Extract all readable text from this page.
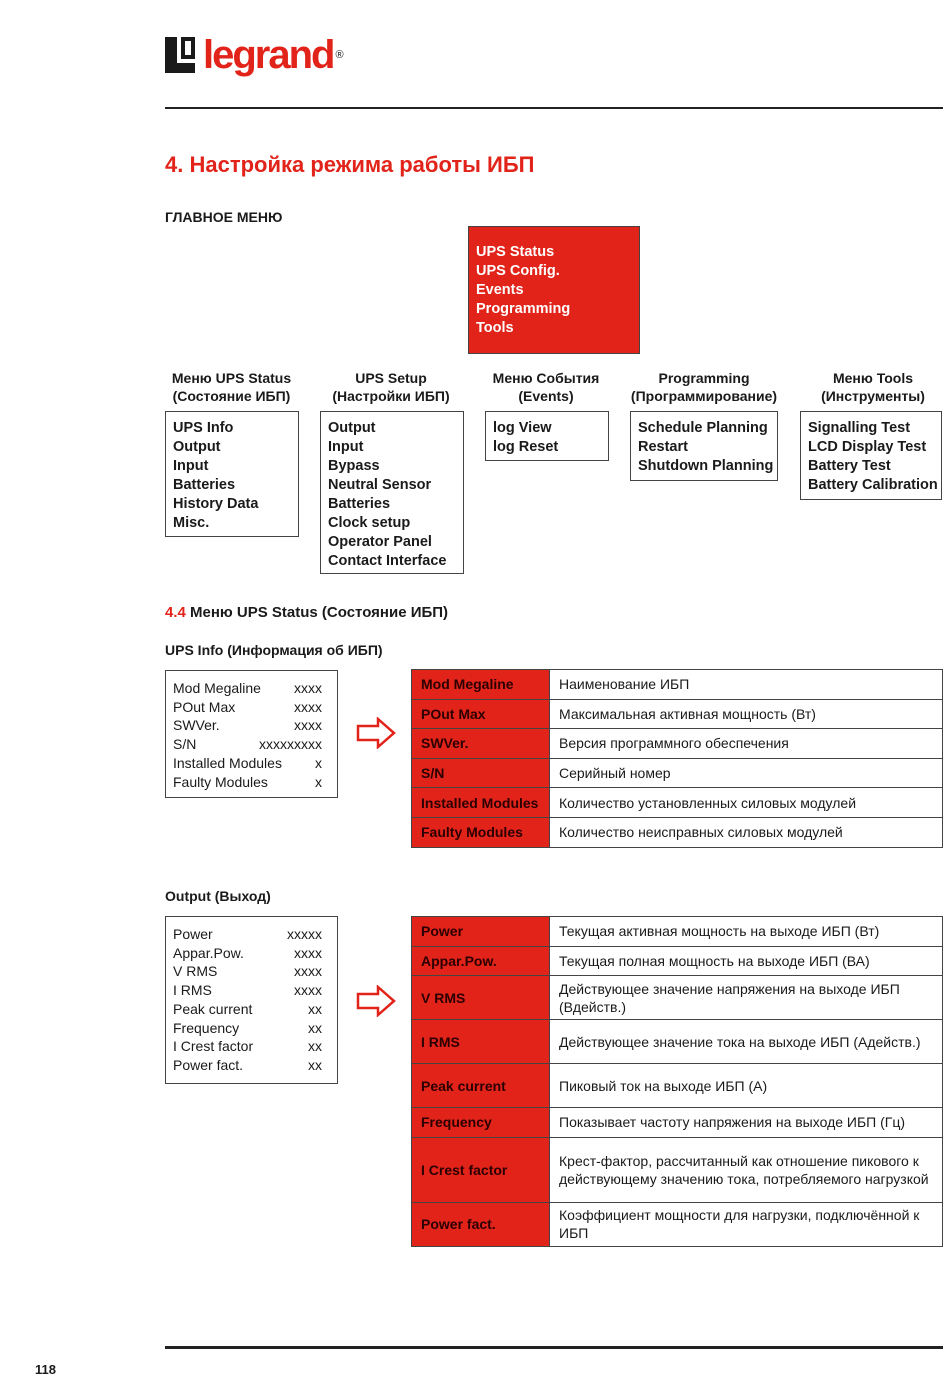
legrand ®
4. Настройка режима работы ИБП
ГЛАВНОЕ МЕНЮ
UPS Status
UPS Config.
Events
Programming
Tools
Меню UPS Status
(Состояние ИБП)
UPS Info
Output
Input
Batteries
History Data
Misc.
UPS Setup
(Настройки ИБП)
Output
Input
Bypass
Neutral Sensor
Batteries
Clock setup
Operator Panel
Contact Interface
Меню События
(Events)
log View
log Reset
Programming
(Программирование)
Schedule Planning
Restart
Shutdown Planning
Меню Tools
(Инструменты)
Signalling Test
LCD Display Test
Battery Test
Battery Calibration
4.4 Меню UPS Status (Состояние ИБП)
UPS Info (Информация об ИБП)
Mod Megaline xxxx
POut Max	xxxx
SWVer.	xxxx
S/N	xxxxxxxxx
Installed Modules x
Faulty Modules	x
Mod Megaline	Наименование ИБП
POut Max	Максимальная активная мощность (Вт)
SWVer.	Версия программного обеспечения
S/N	Серийный номер
Installed Modules	Количество установленных силовых модулей
Faulty Modules	Количество неисправных силовых модулей
Output (Выход)
Power	xxxxx
Appar.Pow.	xxxx
V RMS	xxxx
I RMS	xxxx
Peak current	xx
Frequency	xx
I Crest factor	xx
Power fact.	xx
Power	Текущая активная мощность на выходе ИБП (Вт)
Appar.Pow.	Текущая полная мощность на выходе ИБП (ВА)
V RMS	Действующее значение напряжения на выходе ИБП (Вдейств.)
I RMS	Действующее значение тока на выходе ИБП (Адейств.)
Peak current	Пиковый ток на выходе ИБП (А)
Frequency	Показывает частоту напряжения на выходе ИБП (Гц)
I Crest factor	Крест-фактор, рассчитанный как отношение пикового к действующему значению тока, потребляемого нагрузкой
Power fact.	Коэффициент мощности для нагрузки, подключённой к ИБП
118
